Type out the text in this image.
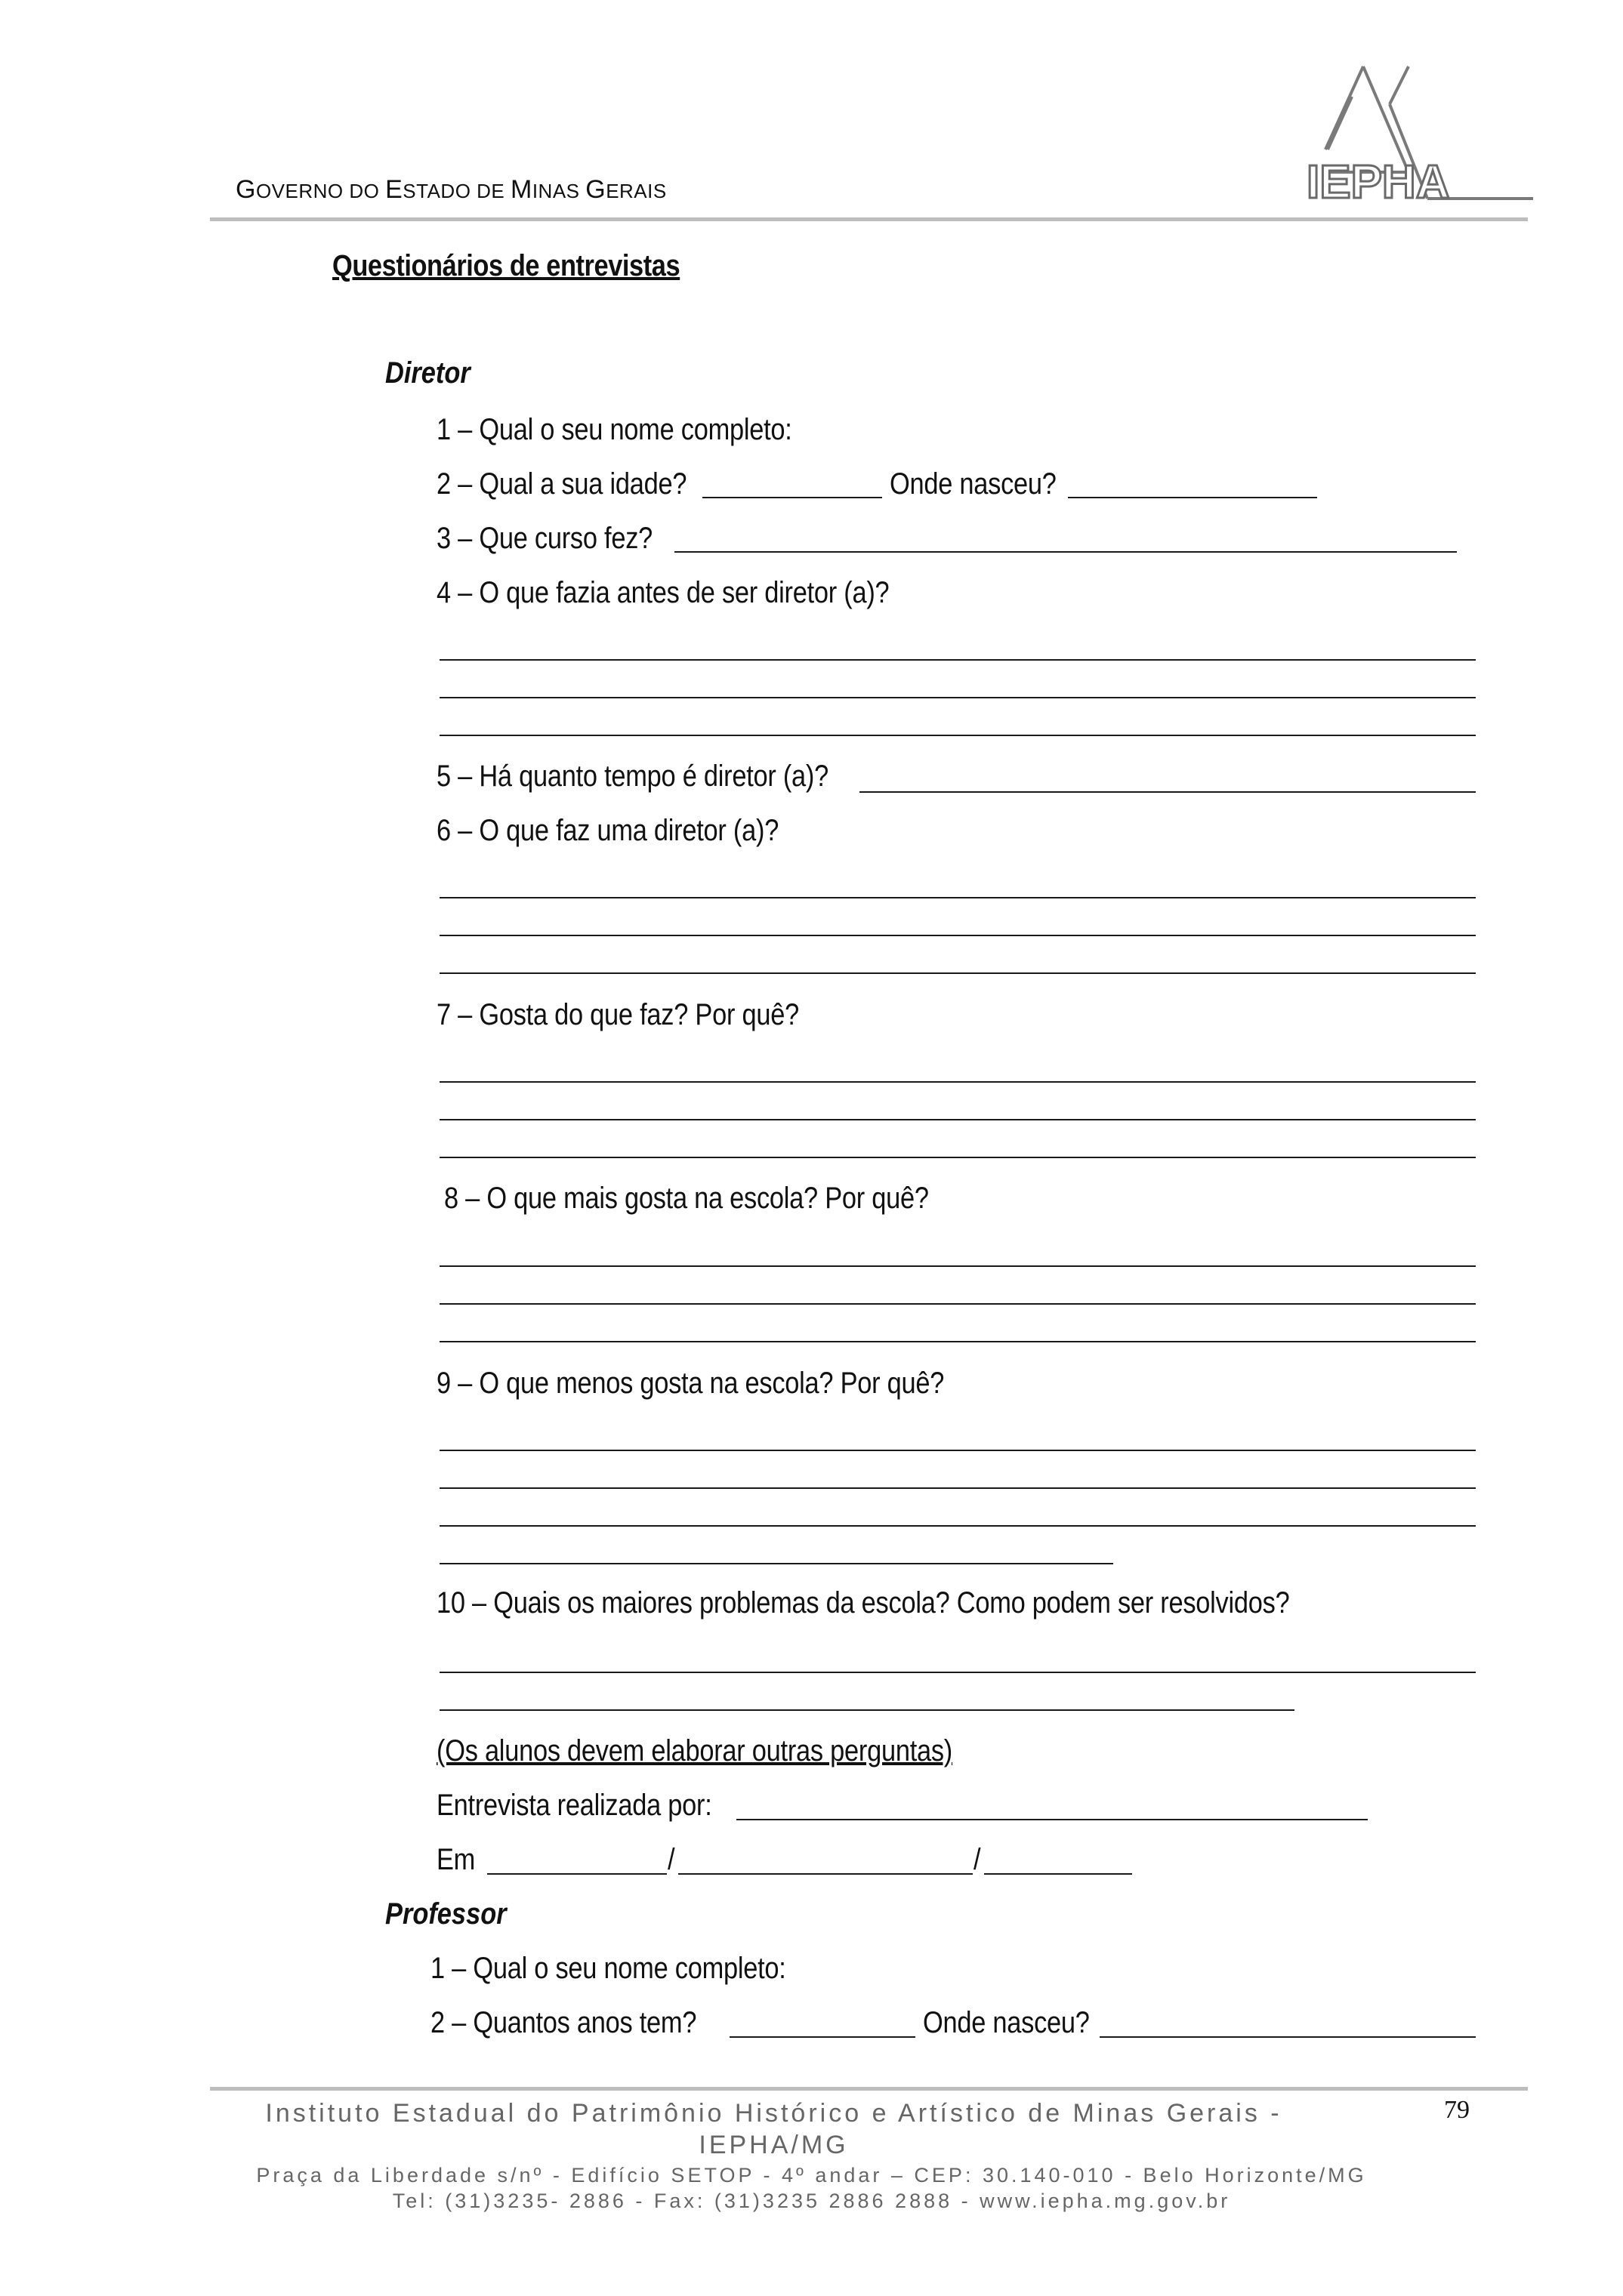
GOVERNO DO ESTADO DE MINAS GERAIS	IEPHA
Questionários de entrevistas
Diretor
1 – Qual o seu nome completo:
2 – Qual a sua idade?	Onde nasceu?
3 – Que curso fez?
4 – O que fazia antes de ser diretor (a)?
5 – Há quanto tempo é diretor (a)?
6 – O que faz uma diretor (a)?
7 – Gosta do que faz? Por quê?
8 – O que mais gosta na escola? Por quê?
9 – O que menos gosta na escola? Por quê?
10 – Quais os maiores problemas da escola? Como podem ser resolvidos?
(Os alunos devem elaborar outras perguntas)
Entrevista realizada por:
Em	/	/
Professor
1 – Qual o seu nome completo:
2 – Quantos anos tem?	Onde nasceu?
Instituto Estadual do Patrimônio Histórico e Artístico de Minas Gerais -
IEPHA/MG
Praça da Liberdade s/nº - Edifício SETOP - 4º andar – CEP: 30.140-010 - Belo Horizonte/MG
Tel: (31)3235- 2886 - Fax: (31)3235 2886 2888 - www.iepha.mg.gov.br
79
